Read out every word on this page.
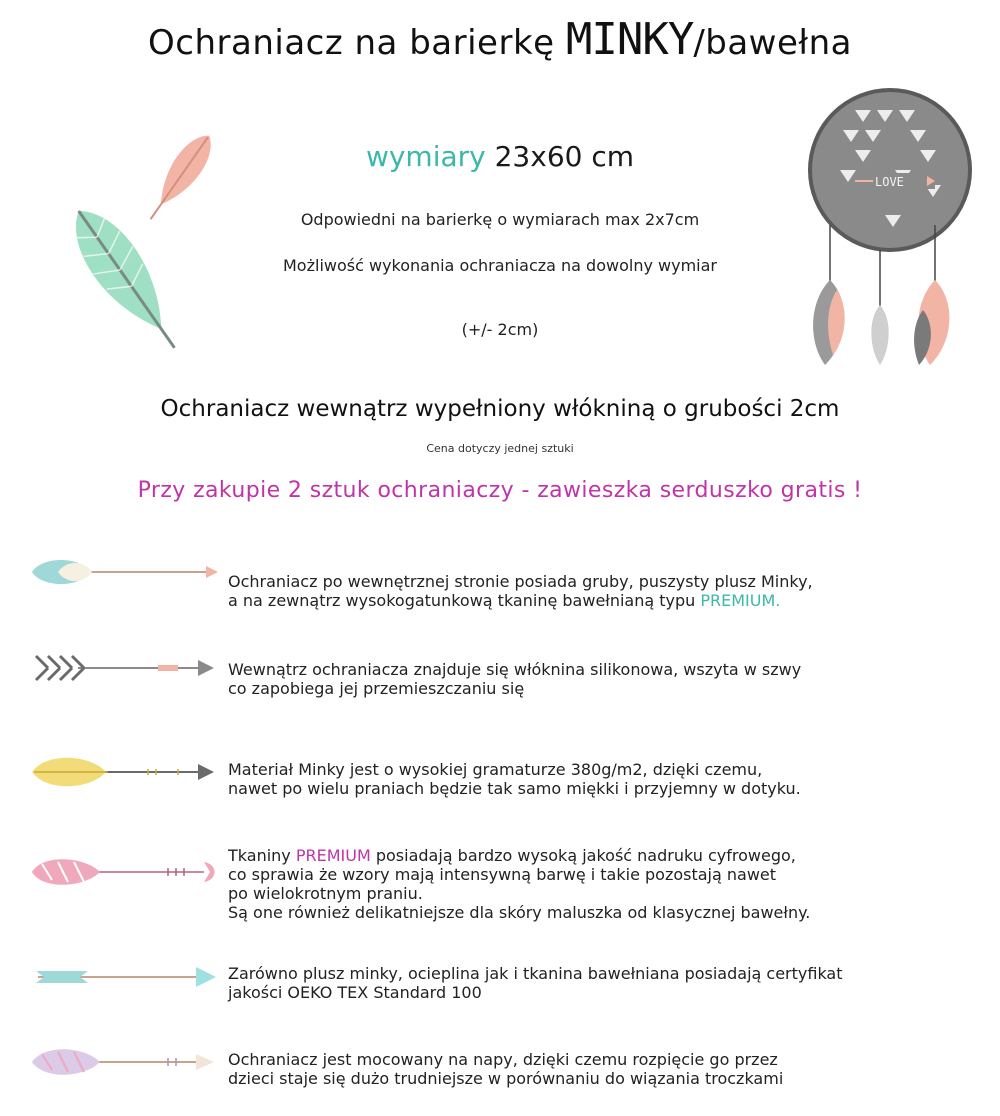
Ochraniacz na barierkę MINKY/bawełna
LOVE
wymiary 23x60 cm
Odpowiedni na barierkę o wymiarach max 2x7cm
Możliwość wykonania ochraniacza na dowolny wymiar
(+/- 2cm)
Ochraniacz wewnątrz wypełniony włókniną o grubości 2cm
Cena dotyczy jednej sztuki
Przy zakupie 2 sztuk ochraniaczy - zawieszka serduszko gratis !

Ochraniacz po wewnętrznej stronie posiada gruby, puszysty plusz Minky,

a na zewnątrz wysokogatunkową tkaninę bawełnianą typu PREMIUM.

Wewnątrz ochraniacza znajduje się włóknina silikonowa, wszyta w szwy

co zapobiega jej przemieszczaniu się

Materiał Minky jest o wysokiej gramaturze 380g/m2, dzięki czemu,

nawet po wielu praniach będzie tak samo miękki i przyjemny w dotyku.

Tkaniny PREMIUM posiadają bardzo wysoką jakość nadruku cyfrowego,

co sprawia że wzory mają intensywną barwę i takie pozostają nawet

po wielokrotnym praniu.

Są one również delikatniejsze dla skóry maluszka od klasycznej bawełny.

Zarówno plusz minky, ocieplina jak i tkanina bawełniana posiadają certyfikat

jakości OEKO TEX Standard 100

Ochraniacz jest mocowany na napy, dzięki czemu rozpięcie go przez

dzieci staje się dużo trudniejsze w porównaniu do wiązania troczkami
